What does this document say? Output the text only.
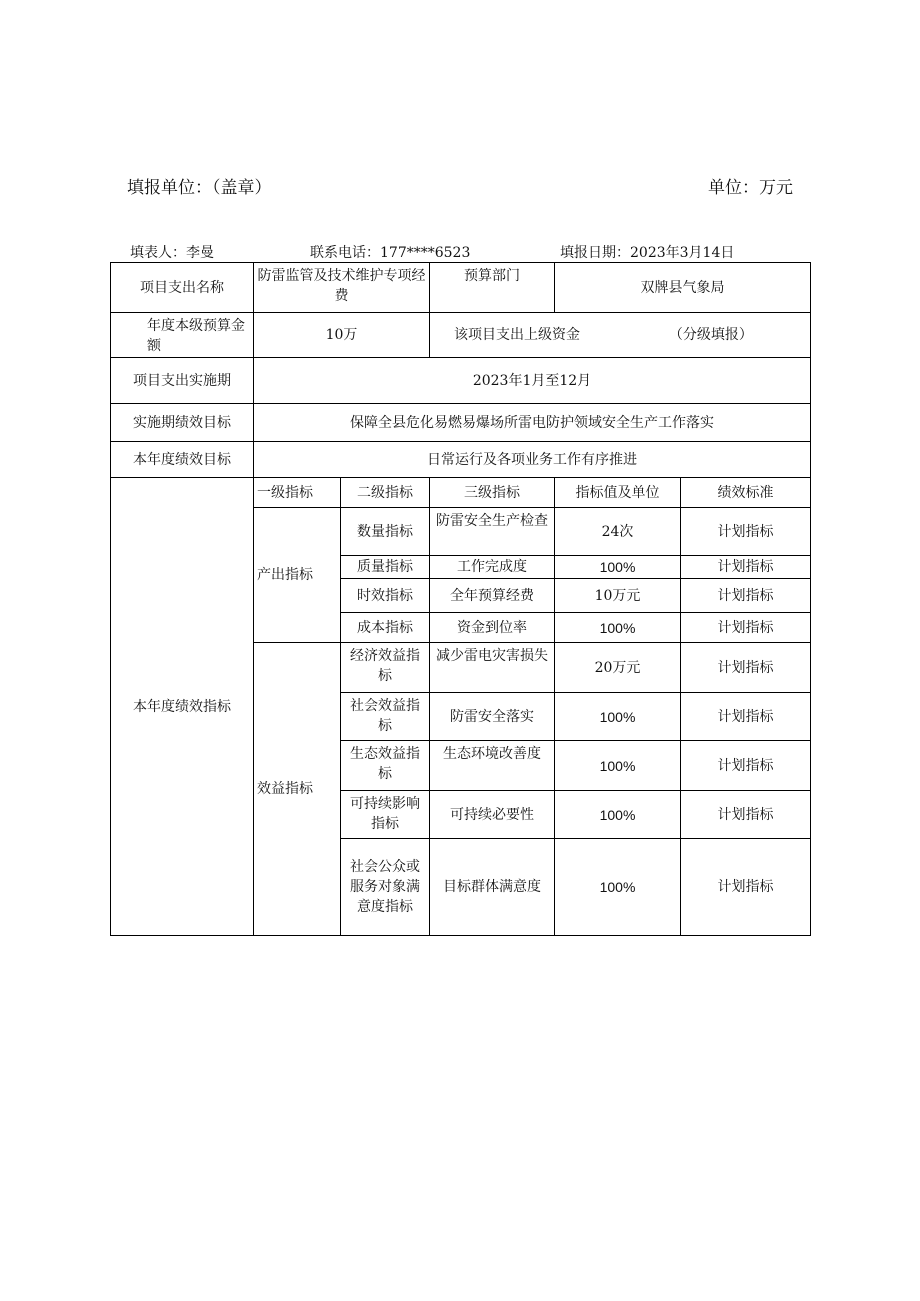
填报单位：（盖章）	单位：万元
填表人：李曼	联系电话：177****6523	填报日期：2023年3月14日
项目支出名称	防雷监管及技术维护专项经费		预算部门	双牌县气象局	
年度本级预算金额	10万		该项目支出上级资金 （分级填报）		
项目支出实施期	2023年1月至12月				
实施期绩效目标	保障全县危化易燃易爆场所雷电防护领域安全生产工作落实				
本年度绩效目标	日常运行及各项业务工作有序推进				
本年度绩效指标	一级指标	二级指标	三级指标	指标值及单位	绩效标准
	产出指标	数量指标	防雷安全生产检查	24次	计划指标
		质量指标	工作完成度	100%	计划指标
		时效指标	全年预算经费	10万元	计划指标
		成本指标	资金到位率	100%	计划指标
	效益指标	经济效益指标	减少雷电灾害损失	20万元	计划指标
		社会效益指标	防雷安全落实	100%	计划指标
		生态效益指标	生态环境改善度	100%	计划指标
		可持续影响指标	可持续必要性	100%	计划指标
		社会公众或服务对象满意度指标	目标群体满意度	100%	计划指标
